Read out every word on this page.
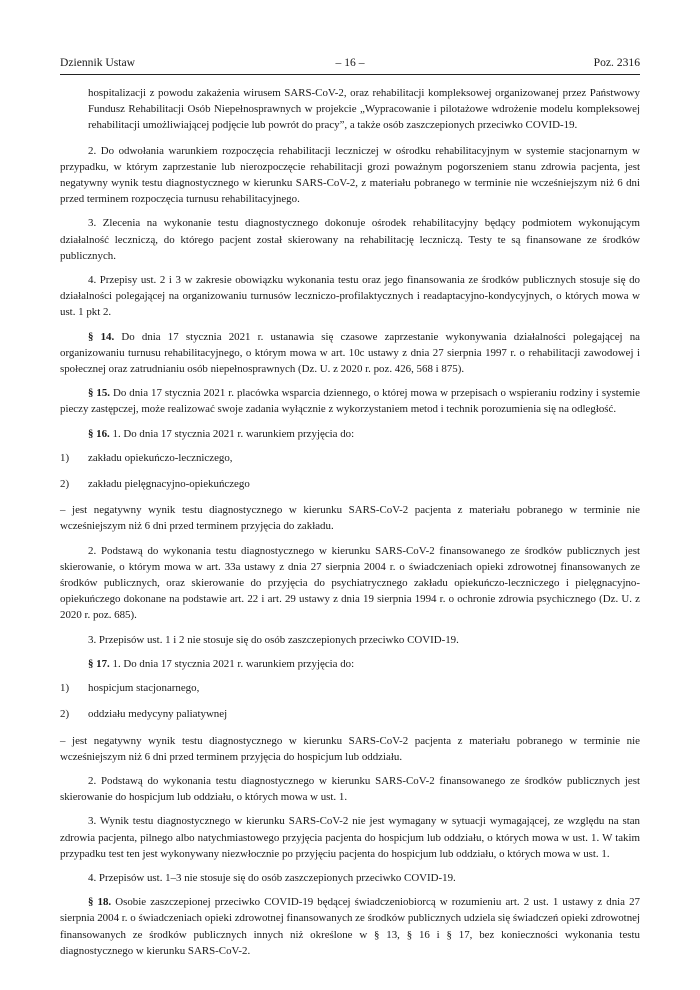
Dziennik Ustaw	– 16 –	Poz. 2316

hospitalizacji z powodu zakażenia wirusem SARS-CoV-2, oraz rehabilitacji kompleksowej organizowanej przez Państwowy Fundusz Rehabilitacji Osób Niepełnosprawnych w projekcie „Wypracowanie i pilotażowe wdrożenie modelu kompleksowej rehabilitacji umożliwiającej podjęcie lub powrót do pracy”, a także osób zaszczepionych przeciwko COVID-19.

2. Do odwołania warunkiem rozpoczęcia rehabilitacji leczniczej w ośrodku rehabilitacyjnym w systemie stacjonarnym w przypadku, w którym zaprzestanie lub nierozpoczęcie rehabilitacji grozi poważnym pogorszeniem stanu zdrowia pacjenta, jest negatywny wynik testu diagnostycznego w kierunku SARS-CoV-2, z materiału pobranego w terminie nie wcześniejszym niż 6 dni przed terminem rozpoczęcia turnusu rehabilitacyjnego.

3. Zlecenia na wykonanie testu diagnostycznego dokonuje ośrodek rehabilitacyjny będący podmiotem wykonującym działalność leczniczą, do którego pacjent został skierowany na rehabilitację leczniczą. Testy te są finansowane ze środków publicznych.

4. Przepisy ust. 2 i 3 w zakresie obowiązku wykonania testu oraz jego finansowania ze środków publicznych stosuje się do działalności polegającej na organizowaniu turnusów leczniczo-profilaktycznych i readaptacyjno-kondycyjnych, o których mowa w ust. 1 pkt 2.

§ 14. Do dnia 17 stycznia 2021 r. ustanawia się czasowe zaprzestanie wykonywania działalności polegającej na organizowaniu turnusu rehabilitacyjnego, o którym mowa w art. 10c ustawy z dnia 27 sierpnia 1997 r. o rehabilitacji zawodowej i społecznej oraz zatrudnianiu osób niepełnosprawnych (Dz. U. z 2020 r. poz. 426, 568 i 875).

§ 15. Do dnia 17 stycznia 2021 r. placówka wsparcia dziennego, o której mowa w przepisach o wspieraniu rodziny i systemie pieczy zastępczej, może realizować swoje zadania wyłącznie z wykorzystaniem metod i technik porozumienia się na odległość.

§ 16. 1. Do dnia 17 stycznia 2021 r. warunkiem przyjęcia do:

1)	zakładu opiekuńczo-leczniczego,
2)	zakładu pielęgnacyjno-opiekuńczego

– jest negatywny wynik testu diagnostycznego w kierunku SARS-CoV-2 pacjenta z materiału pobranego w terminie nie wcześniejszym niż 6 dni przed terminem przyjęcia do zakładu.

2. Podstawą do wykonania testu diagnostycznego w kierunku SARS-CoV-2 finansowanego ze środków publicznych jest skierowanie, o którym mowa w art. 33a ustawy z dnia 27 sierpnia 2004 r. o świadczeniach opieki zdrowotnej finansowanych ze środków publicznych, oraz skierowanie do przyjęcia do psychiatrycznego zakładu opiekuńczo-leczniczego i pielęgnacyjno-opiekuńczego dokonane na podstawie art. 22 i art. 29 ustawy z dnia 19 sierpnia 1994 r. o ochronie zdrowia psychicznego (Dz. U. z 2020 r. poz. 685).

3. Przepisów ust. 1 i 2 nie stosuje się do osób zaszczepionych przeciwko COVID-19.

§ 17. 1. Do dnia 17 stycznia 2021 r. warunkiem przyjęcia do:

1)	hospicjum stacjonarnego,
2)	oddziału medycyny paliatywnej

– jest negatywny wynik testu diagnostycznego w kierunku SARS-CoV-2 pacjenta z materiału pobranego w terminie nie wcześniejszym niż 6 dni przed terminem przyjęcia do hospicjum lub oddziału.

2. Podstawą do wykonania testu diagnostycznego w kierunku SARS-CoV-2 finansowanego ze środków publicznych jest skierowanie do hospicjum lub oddziału, o których mowa w ust. 1.

3. Wynik testu diagnostycznego w kierunku SARS-CoV-2 nie jest wymagany w sytuacji wymagającej, ze względu na stan zdrowia pacjenta, pilnego albo natychmiastowego przyjęcia pacjenta do hospicjum lub oddziału, o których mowa w ust. 1. W takim przypadku test ten jest wykonywany niezwłocznie po przyjęciu pacjenta do hospicjum lub oddziału, o których mowa w ust. 1.

4. Przepisów ust. 1–3 nie stosuje się do osób zaszczepionych przeciwko COVID-19.

§ 18. Osobie zaszczepionej przeciwko COVID-19 będącej świadczeniobiorcą w rozumieniu art. 2 ust. 1 ustawy z dnia 27 sierpnia 2004 r. o świadczeniach opieki zdrowotnej finansowanych ze środków publicznych udziela się świadczeń opieki zdrowotnej finansowanych ze środków publicznych innych niż określone w § 13, § 16 i § 17, bez konieczności wykonania testu diagnostycznego w kierunku SARS-CoV-2.
